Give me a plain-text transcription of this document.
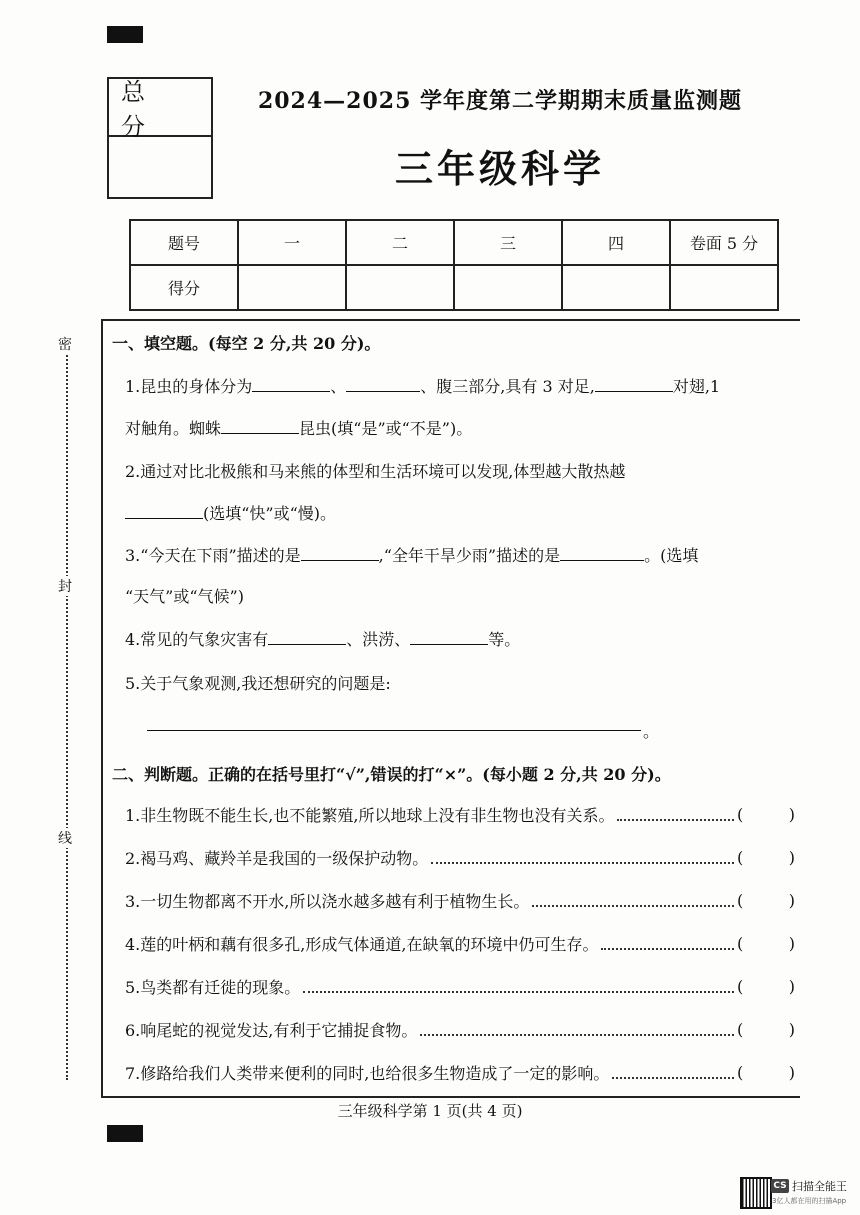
总 分
2024—2025 学年度第二学期期末质量监测题
三年级科学
题号	一	二	三	四	卷面 5 分
得分					
密
封
线
一、填空题。(每空 2 分,共 20 分)。
1.昆虫的身体分为	、	、腹三部分,具有 3 对足,	对翅,1
对触角。蜘蛛	昆虫(填“是”或“不是”)。
2.通过对比北极熊和马来熊的体型和生活环境可以发现,体型越大散热越
(选填“快”或“慢)。
3.“今天在下雨”描述的是	,“全年干旱少雨”描述的是	。(选填
“天气”或“气候”)
4.常见的气象灾害有	、洪涝、	等。
5.关于气象观测,我还想研究的问题是:
。
二、判断题。正确的在括号里打“√”,错误的打“×”。(每小题 2 分,共 20 分)。
1.非生物既不能生长,也不能繁殖,所以地球上没有非生物也没有关系。	(	)
2.褐马鸡、藏羚羊是我国的一级保护动物。	(	)
3.一切生物都离不开水,所以浇水越多越有利于植物生长。	(	)
4.莲的叶柄和藕有很多孔,形成气体通道,在缺氧的环境中仍可生存。	(	)
5.鸟类都有迁徙的现象。	(	)
6.响尾蛇的视觉发达,有利于它捕捉食物。	(	)
7.修路给我们人类带来便利的同时,也给很多生物造成了一定的影响。	(	)
三年级科学第 1 页(共 4 页)
CS 扫描全能王
3亿人都在用的扫描App
